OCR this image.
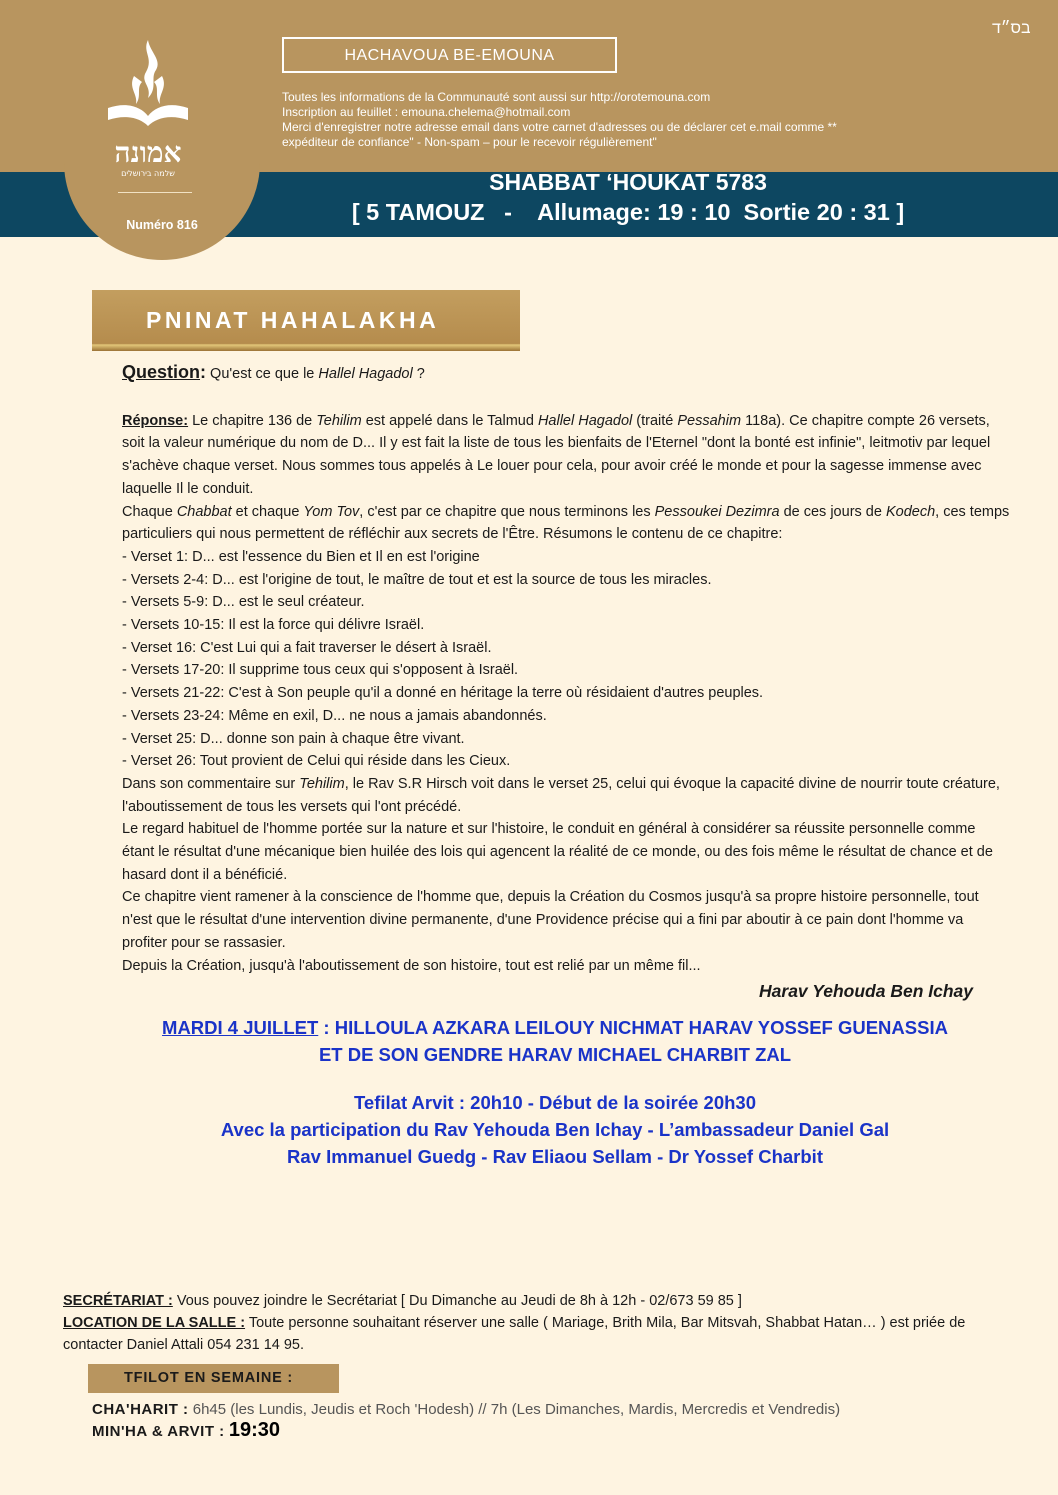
אמונה
שלמה בירושלים
Numéro 816
בס״ד
HACHAVOUA BE-EMOUNA
Toutes les informations de la Communauté sont aussi sur http://orotemouna.com
Inscription au feuillet : emouna.chelema@hotmail.com
Merci d'enregistrer notre adresse email dans votre carnet d'adresses ou de déclarer cet e.mail comme **
expéditeur de confiance" - Non-spam – pour le recevoir régulièrement"
SHABBAT ‘HOUKAT 5783
[ 5 TAMOUZ   -    Allumage: 19 : 10  Sortie 20 : 31 ]
PNINAT HAHALAKHA

Question: Qu'est ce que le Hallel Hagadol ?

Réponse: Le chapitre 136 de Tehilim est appelé dans le Talmud Hallel Hagadol (traité Pessahim 118a). Ce chapitre compte 26 versets, soit la valeur numérique du nom de D... Il y est fait la liste de tous les bienfaits de l'Eternel "dont la bonté est infinie", leitmotiv par lequel s'achève chaque verset. Nous sommes tous appelés à Le louer pour cela, pour avoir créé le monde et pour la sagesse immense avec laquelle Il le conduit.

Chaque Chabbat et chaque Yom Tov, c'est par ce chapitre que nous terminons les Pessoukei Dezimra de ces jours de Kodech, ces temps particuliers qui nous permettent de réfléchir aux secrets de l'Être. Résumons le contenu de ce chapitre:

- Verset 1: D... est l'essence du Bien et Il en est l'origine

- Versets 2-4: D... est l'origine de tout, le maître de tout et est la source de tous les miracles.

- Versets 5-9: D... est le seul créateur.

- Versets 10-15: Il est la force qui délivre Israël.

- Verset 16: C'est Lui qui a fait traverser le désert à Israël.

- Versets 17-20: Il supprime tous ceux qui s'opposent à Israël.

- Versets 21-22: C'est à Son peuple qu'il a donné en héritage la terre où résidaient d'autres peuples.

- Versets 23-24: Même en exil, D... ne nous a jamais abandonnés.

- Verset 25: D... donne son pain à chaque être vivant.

- Verset 26: Tout provient de Celui qui réside dans les Cieux.

Dans son commentaire sur Tehilim, le Rav S.R Hirsch voit dans le verset 25, celui qui évoque la capacité divine de nourrir toute créature, l'aboutissement de tous les versets qui l'ont précédé.

Le regard habituel de l'homme portée sur la nature et sur l'histoire, le conduit en général à considérer sa réussite personnelle comme étant le résultat d'une mécanique bien huilée des lois qui agencent la réalité de ce monde, ou des fois même le résultat de chance et de hasard dont il a bénéficié.

Ce chapitre vient ramener à la conscience de l'homme que, depuis la Création du Cosmos jusqu'à sa propre histoire personnelle, tout n'est que le résultat d'une intervention divine permanente, d'une Providence précise qui a fini par aboutir à ce pain dont l'homme va profiter pour se rassasier.

Depuis la Création, jusqu'à l'aboutissement de son histoire, tout est relié par un même fil...

Harav Yehouda Ben Ichay
MARDI 4 JUILLET : HILLOULA AZKARA LEILOUY NICHMAT HARAV YOSSEF GUENASSIA
ET DE SON GENDRE HARAV MICHAEL CHARBIT ZAL
Tefilat Arvit : 20h10 - Début de la soirée 20h30
Avec la participation du Rav Yehouda Ben Ichay - L’ambassadeur Daniel Gal
Rav Immanuel Guedg - Rav Eliaou Sellam - Dr Yossef Charbit

SECRÉTARIAT : Vous pouvez joindre le Secrétariat [ Du Dimanche au Jeudi de 8h à 12h - 02/673 59 85 ]

LOCATION DE LA SALLE : Toute personne souhaitant réserver une salle ( Mariage, Brith Mila, Bar Mitsvah, Shabbat Hatan… ) est priée de contacter Daniel Attali 054 231 14 95.

TFILOT EN SEMAINE :
CHA'HARIT : 6h45 (les Lundis, Jeudis et Roch 'Hodesh) // 7h (Les Dimanches, Mardis, Mercredis et Vendredis)
MIN'HA & ARVIT : 19:30
